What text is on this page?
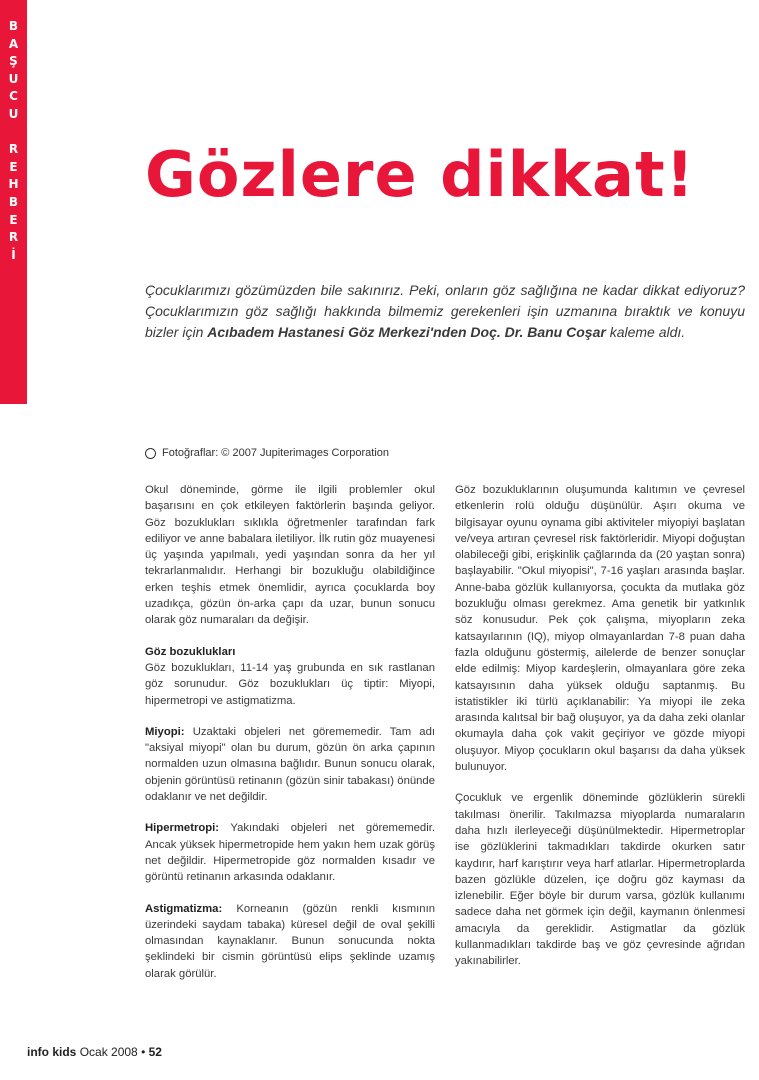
B
A
Ş
U
C
U
R
E
H
B
E
R
İ
Gözlere dikkat!

Çocuklarımızı gözümüzden bile sakınırız. Peki, onların göz sağlığına ne kadar dikkat ediyoruz? Çocuklarımızın göz sağlığı hakkında bilmemiz gerekenleri işin uzmanına bıraktık ve konuyu bizler için Acıbadem Hastanesi Göz Merkezi'nden Doç. Dr. Banu Coşar kaleme aldı.

Fotoğraflar: © 2007 Jupiterimages Corporation

Okul döneminde, görme ile ilgili problemler okul başarısını en çok etkileyen faktörlerin başında geliyor. Göz bozuklukları sıklıkla öğretmenler tarafından fark ediliyor ve anne babalara iletiliyor. İlk rutin göz muayenesi üç yaşında yapılmalı, yedi yaşından sonra da her yıl tekrarlanmalıdır. Herhangi bir bozukluğu olabildiğince erken teşhis etmek önemlidir, ayrıca çocuklarda boy uzadıkça, gözün ön-arka çapı da uzar, bunun sonucu olarak göz numaraları da değişir.

Göz bozuklukları
Göz bozuklukları, 11-14 yaş grubunda en sık rastlanan göz sorunudur. Göz bozuklukları üç tiptir: Miyopi, hipermetropi ve astigmatizma.

Miyopi: Uzaktaki objeleri net görememedir. Tam adı "aksiyal miyopi" olan bu durum, gözün ön arka çapının normalden uzun olmasına bağlıdır. Bunun sonucu olarak, objenin görüntüsü retinanın (gözün sinir tabakası) önünde odaklanır ve net değildir.

Hipermetropi: Yakındaki objeleri net görememedir. Ancak yüksek hipermetropide hem yakın hem uzak görüş net değildir. Hipermetropide göz normalden kısadır ve görüntü retinanın arkasında odaklanır.

Astigmatizma: Korneanın (gözün renkli kısmının üzerindeki saydam tabaka) küresel değil de oval şekilli olmasından kaynaklanır. Bunun sonucunda nokta şeklindeki bir cismin görüntüsü elips şeklinde uzamış olarak görülür.

Göz bozukluklarının oluşumunda kalıtımın ve çevresel etkenlerin rolü olduğu düşünülür. Aşırı okuma ve bilgisayar oyunu oynama gibi aktiviteler miyopiyi başlatan ve/veya artıran çevresel risk faktörleridir. Miyopi doğuştan olabileceği gibi, erişkinlik çağlarında da (20 yaştan sonra) başlayabilir. "Okul miyopisi", 7-16 yaşları arasında başlar. Anne-baba gözlük kullanıyorsa, çocukta da mutlaka göz bozukluğu olması gerekmez. Ama genetik bir yatkınlık söz konusudur. Pek çok çalışma, miyopların zeka katsayılarının (IQ), miyop olmayanlardan 7-8 puan daha fazla olduğunu göstermiş, ailelerde de benzer sonuçlar elde edilmiş: Miyop kardeşlerin, olmayanlara göre zeka katsayısının daha yüksek olduğu saptanmış. Bu istatistikler iki türlü açıklanabilir: Ya miyopi ile zeka arasında kalıtsal bir bağ oluşuyor, ya da daha zeki olanlar okumayla daha çok vakit geçiriyor ve gözde miyopi oluşuyor. Miyop çocukların okul başarısı da daha yüksek bulunuyor.

Çocukluk ve ergenlik döneminde gözlüklerin sürekli takılması önerilir. Takılmazsa miyoplarda numaraların daha hızlı ilerleyeceği düşünülmektedir. Hipermetroplar ise gözlüklerini takmadıkları takdirde okurken satır kaydırır, harf karıştırır veya harf atlarlar. Hipermetroplarda bazen gözlükle düzelen, içe doğru göz kayması da izlenebilir. Eğer böyle bir durum varsa, gözlük kullanımı sadece daha net görmek için değil, kaymanın önlenmesi amacıyla da gereklidir. Astigmatlar da gözlük kullanmadıkları takdirde baş ve göz çevresinde ağrıdan yakınabilirler.

info kids Ocak 2008 • 52
